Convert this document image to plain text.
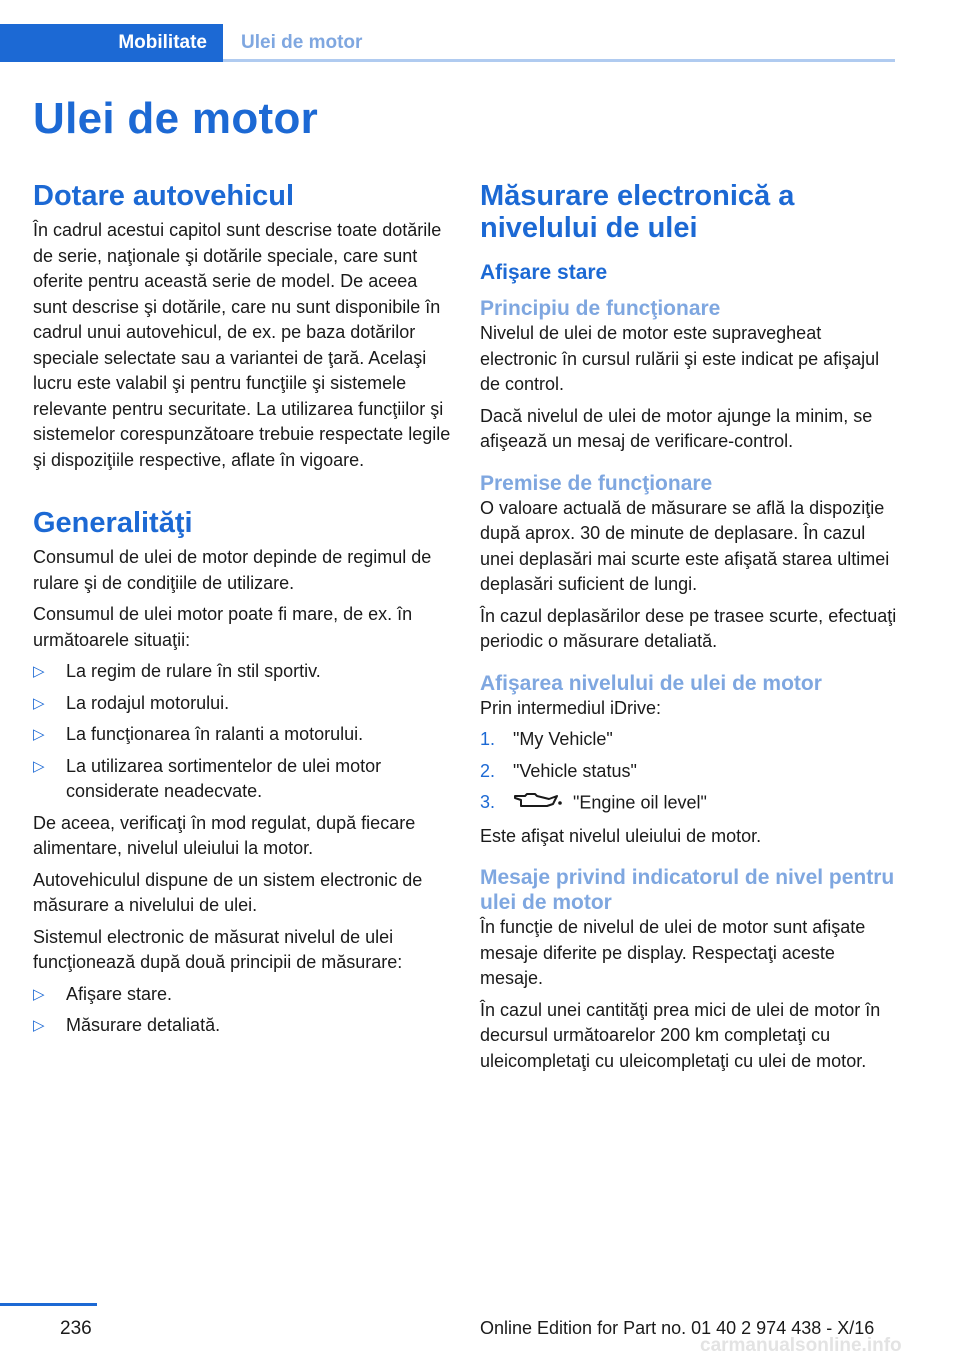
Mobilitate	Ulei de motor
Ulei de motor
Dotare autovehicul

În cadrul acestui capitol sunt descrise toate dotările de serie, naţionale şi dotările speciale, care sunt oferite pentru această serie de model. De aceea sunt descrise şi dotările, care nu sunt disponibile în cadrul unui autovehicul, de ex. pe baza dotărilor speciale selectate sau a variantei de ţară. Acelaşi lucru este valabil şi pentru funcţiile şi sistemele relevante pentru securitate. La utilizarea funcţiilor şi sistemelor corespunzătoare trebuie respectate legile şi dispoziţiile respective, aflate în vigoare.

Generalităţi

Consumul de ulei de motor depinde de regimul de rulare şi de condiţiile de utilizare.

Consumul de ulei motor poate fi mare, de ex. în următoarele situaţii:

▷ La regim de rulare în stil sportiv.
▷ La rodajul motorului.
▷ La funcţionarea în ralanti a motorului.
▷ La utilizarea sortimentelor de ulei motor considerate neadecvate.

De aceea, verificaţi în mod regulat, după fiecare alimentare, nivelul uleiului la motor.

Autovehiculul dispune de un sistem electronic de măsurare a nivelului de ulei.

Sistemul electronic de măsurat nivelul de ulei funcţionează după două principii de măsurare:

▷ Afişare stare.
▷ Măsurare detaliată.
Măsurare electronică a nivelului de ulei
Afişare stare
Principiu de funcţionare

Nivelul de ulei de motor este supravegheat electronic în cursul rulării şi este indicat pe afişajul de control.

Dacă nivelul de ulei de motor ajunge la minim, se afişează un mesaj de verificare-control.

Premise de funcţionare

O valoare actuală de măsurare se află la dispoziţie după aprox. 30 de minute de deplasare. În cazul unei deplasări mai scurte este afişată starea ultimei deplasări suficient de lungi.

În cazul deplasărilor dese pe trasee scurte, efectuaţi periodic o măsurare detaliată.

Afişarea nivelului de ulei de motor

Prin intermediul iDrive:

1. "My Vehicle"
2. "Vehicle status"
3.	"Engine oil level"

Este afişat nivelul uleiului de motor.

Mesaje privind indicatorul de nivel pentru ulei de motor

În funcţie de nivelul de ulei de motor sunt afişate mesaje diferite pe display. Respectaţi aceste mesaje.

În cazul unei cantităţi prea mici de ulei de motor în decursul următoarelor 200 km completaţi cu uleicompletaţi cu uleicompletaţi cu ulei de motor.

236	Online Edition for Part no. 01 40 2 974 438 - X/16
carmanualsonline.info
